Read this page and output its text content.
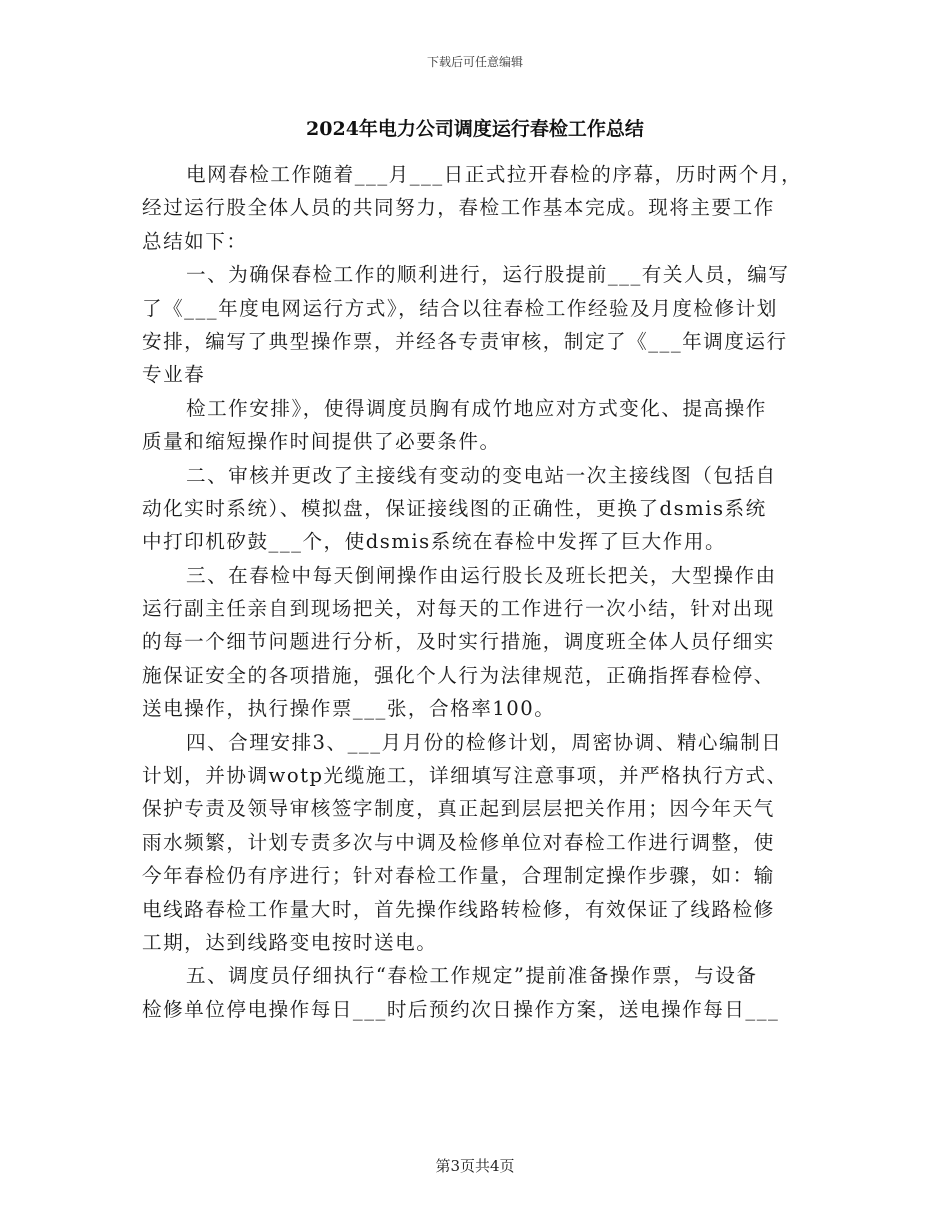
下载后可任意编辑
2024年电力公司调度运行春检工作总结
电网春检工作随着___月___日正式拉开春检的序幕，历时两个月，
经过运行股全体人员的共同努力，春检工作基本完成。现将主要工作
总结如下：
一、为确保春检工作的顺利进行，运行股提前___有关人员，编写
了《___年度电网运行方式》，结合以往春检工作经验及月度检修计划
安排，编写了典型操作票，并经各专责审核，制定了《___年调度运行
专业春
检工作安排》，使得调度员胸有成竹地应对方式变化、提高操作
质量和缩短操作时间提供了必要条件。
二、审核并更改了主接线有变动的变电站一次主接线图（包括自
动化实时系统）、模拟盘，保证接线图的正确性，更换了dsmis系统
中打印机矽鼓___个，使dsmis系统在春检中发挥了巨大作用。
三、在春检中每天倒闸操作由运行股长及班长把关，大型操作由
运行副主任亲自到现场把关，对每天的工作进行一次小结，针对出现
的每一个细节问题进行分析，及时实行措施，调度班全体人员仔细实
施保证安全的各项措施，强化个人行为法律规范，正确指挥春检停、
送电操作，执行操作票___张，合格率100。
四、合理安排3、___月月份的检修计划，周密协调、精心编制日
计划，并协调wotp光缆施工，详细填写注意事项，并严格执行方式、
保护专责及领导审核签字制度，真正起到层层把关作用；因今年天气
雨水频繁，计划专责多次与中调及检修单位对春检工作进行调整，使
今年春检仍有序进行；针对春检工作量，合理制定操作步骤，如：输
电线路春检工作量大时，首先操作线路转检修，有效保证了线路检修
工期，达到线路变电按时送电。
五、调度员仔细执行“春检工作规定”提前准备操作票，与设备
检修单位停电操作每日___时后预约次日操作方案，送电操作每日___
第3页共4页
